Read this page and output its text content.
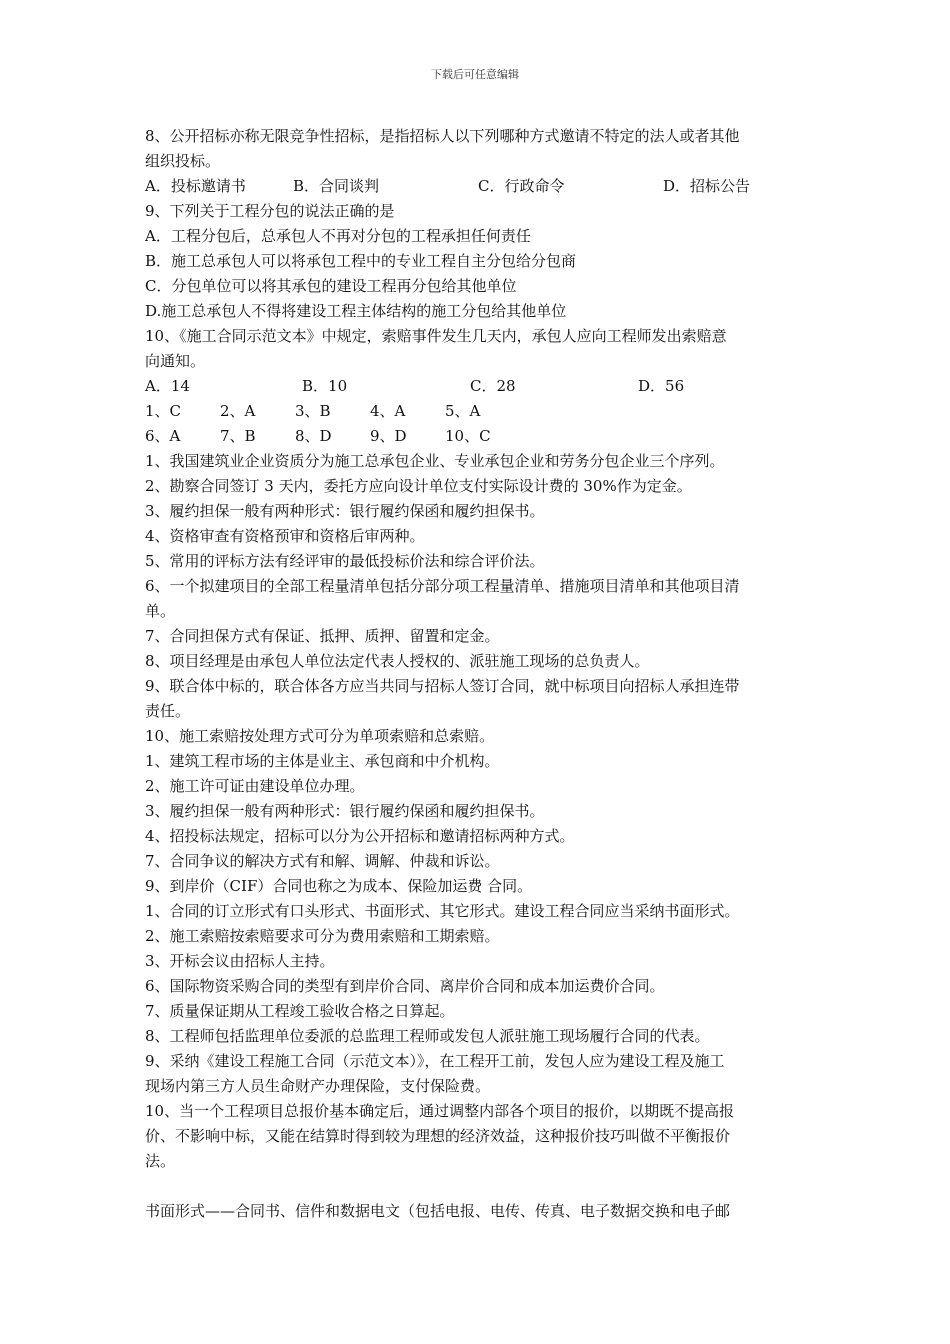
下载后可任意编辑
8、公开招标亦称无限竞争性招标，是指招标人以下列哪种方式邀请不特定的法人或者其他
组织投标。
A．投标邀请书	B．合同谈判	C．行政命令	D．招标公告
9、下列关于工程分包的说法正确的是
A．工程分包后，总承包人不再对分包的工程承担任何责任
B．施工总承包人可以将承包工程中的专业工程自主分包给分包商
C．分包单位可以将其承包的建设工程再分包给其他单位
D.施工总承包人不得将建设工程主体结构的施工分包给其他单位
10、《施工合同示范文本》中规定，索赔事件发生几天内，承包人应向工程师发出索赔意
向通知。
A．14	B．10	C．28	D．56
1、C	2、A	3、B	4、A	5、A
6、A	7、B	8、D	9、D	10、C
1、我国建筑业企业资质分为施工总承包企业、专业承包企业和劳务分包企业三个序列。
2、勘察合同签订 3 天内，委托方应向设计单位支付实际设计费的 30%作为定金。
3、履约担保一般有两种形式：银行履约保函和履约担保书。
4、资格审查有资格预审和资格后审两种。
5、常用的评标方法有经评审的最低投标价法和综合评价法。
6、一个拟建项目的全部工程量清单包括分部分项工程量清单、措施项目清单和其他项目清
单。
7、合同担保方式有保证、抵押、质押、留置和定金。
8、项目经理是由承包人单位法定代表人授权的、派驻施工现场的总负责人。
9、联合体中标的，联合体各方应当共同与招标人签订合同，就中标项目向招标人承担连带
责任。
10、施工索赔按处理方式可分为单项索赔和总索赔。
1、建筑工程市场的主体是业主、承包商和中介机构。
2、施工许可证由建设单位办理。
3、履约担保一般有两种形式：银行履约保函和履约担保书。
4、招投标法规定，招标可以分为公开招标和邀请招标两种方式。
7、合同争议的解决方式有和解、调解、仲裁和诉讼。
9、到岸价（CIF）合同也称之为成本、保险加运费 合同。
1、合同的订立形式有口头形式、书面形式、其它形式。建设工程合同应当采纳书面形式。
2、施工索赔按索赔要求可分为费用索赔和工期索赔。
3、开标会议由招标人主持。
6、国际物资采购合同的类型有到岸价合同、离岸价合同和成本加运费价合同。
7、质量保证期从工程竣工验收合格之日算起。
8、工程师包括监理单位委派的总监理工程师或发包人派驻施工现场履行合同的代表。
9、采纳《建设工程施工合同（示范文本）》，在工程开工前，发包人应为建设工程及施工
现场内第三方人员生命财产办理保险，支付保险费。
10、当一个工程项目总报价基本确定后，通过调整内部各个项目的报价，以期既不提高报
价、不影响中标，又能在结算时得到较为理想的经济效益，这种报价技巧叫做不平衡报价
法。
书面形式——合同书、信件和数据电文（包括电报、电传、传真、电子数据交换和电子邮
